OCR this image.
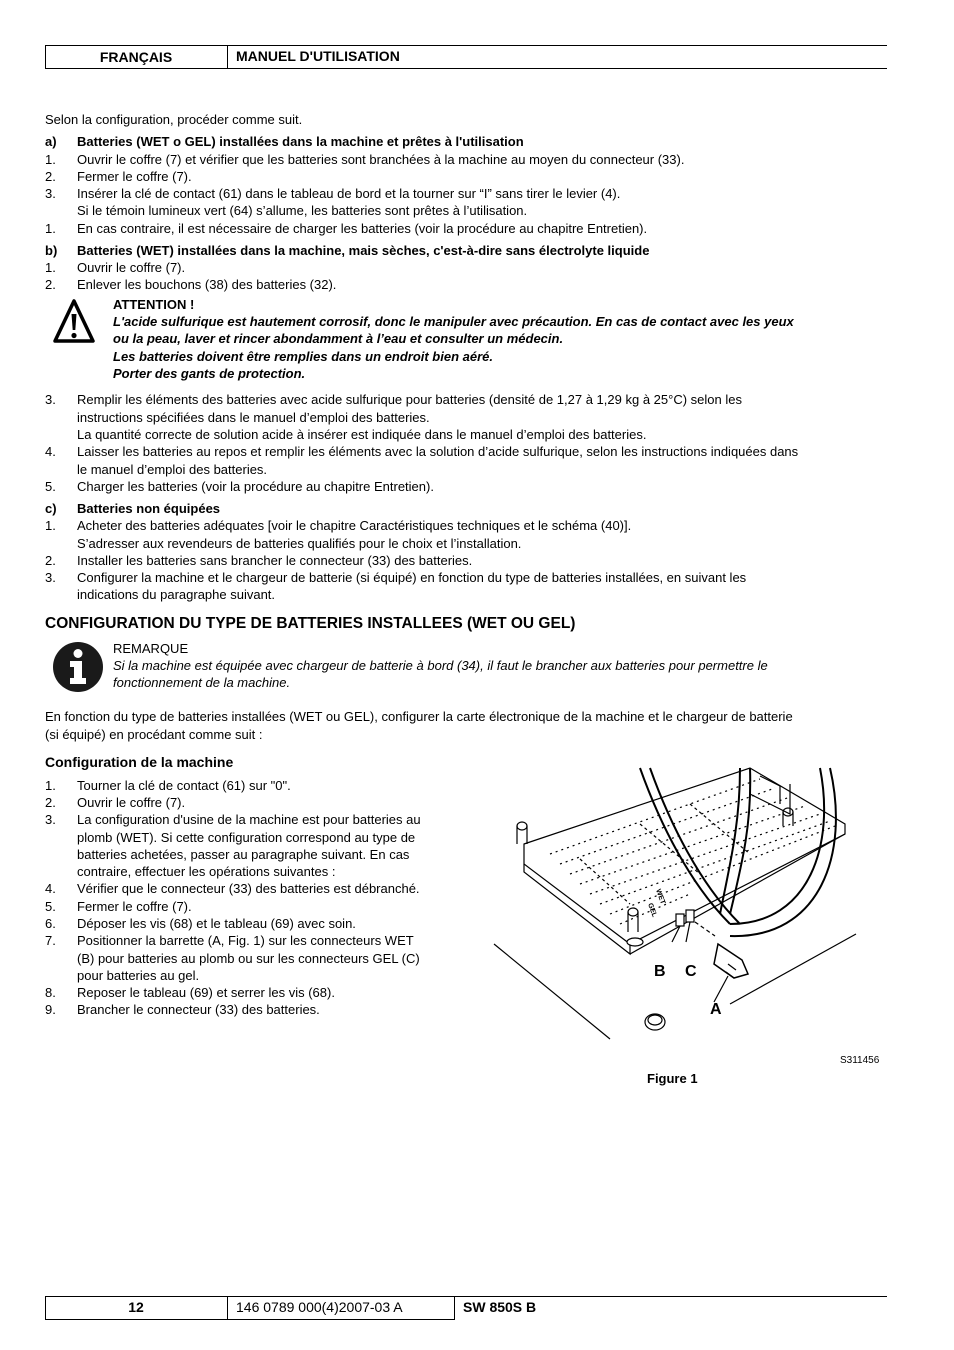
FRANÇAIS	MANUEL D'UTILISATION
Selon la configuration, procéder comme suit.
a)	Batteries (WET o GEL) installées dans la machine et prêtes à l'utilisation
1.	Ouvrir le coffre (7) et vérifier que les batteries sont branchées à la machine au moyen du connecteur (33).
2.	Fermer le coffre (7).
3.	Insérer la clé de contact (61) dans le tableau de bord et la tourner sur “I” sans tirer le levier (4).
Si le témoin lumineux vert (64) s’allume, les batteries sont prêtes à l’utilisation.
1.	En cas contraire, il est nécessaire de charger les batteries (voir la procédure au chapitre Entretien).
b)	Batteries (WET) installées dans la machine, mais sèches, c'est-à-dire sans électrolyte liquide
1.	Ouvrir le coffre (7).
2.	Enlever les bouchons (38) des batteries (32).
ATTENTION !
L'acide sulfurique est hautement corrosif, donc le manipuler avec précaution. En cas de contact avec les yeux
ou la peau, laver et rincer abondamment à l’eau et consulter un médecin.
Les batteries doivent être remplies dans un endroit bien aéré.
Porter des gants de protection.
3.	Remplir les éléments des batteries avec acide sulfurique pour batteries (densité de 1,27 à 1,29 kg à 25°C) selon les
instructions spécifiées dans le manuel d’emploi des batteries.
La quantité correcte de solution acide à insérer est indiquée dans le manuel d’emploi des batteries.
4.	Laisser les batteries au repos et remplir les éléments avec la solution d’acide sulfurique, selon les instructions indiquées dans
le manuel d’emploi des batteries.
5.	Charger les batteries (voir la procédure au chapitre Entretien).
c)	Batteries non équipées
1.	Acheter des batteries adéquates [voir le chapitre Caractéristiques techniques et le schéma (40)].
S’adresser aux revendeurs de batteries qualifiés pour le choix et l’installation.
2.	Installer les batteries sans brancher le connecteur (33) des batteries.
3.	Configurer la machine et le chargeur de batterie (si équipé) en fonction du type de batteries installées, en suivant les
indications du paragraphe suivant.
CONFIGURATION DU TYPE DE BATTERIES INSTALLEES (WET OU GEL)
REMARQUE
Si la machine est équipée avec chargeur de batterie à bord (34), il faut le brancher aux batteries pour permettre le
fonctionnement de la machine.
En fonction du type de batteries installées (WET ou GEL), configurer la carte électronique de la machine et le chargeur de batterie
(si équipé) en procédant comme suit :
Configuration de la machine
1.	Tourner la clé de contact (61) sur "0".
2.	Ouvrir le coffre (7).
3.	La configuration d'usine de la machine est pour batteries au
plomb (WET). Si cette configuration correspond au type de
batteries achetées, passer au paragraphe suivant. En cas
contraire, effectuer les opérations suivantes :
4.	Vérifier que le connecteur (33) des batteries est débranché.
5.	Fermer le coffre (7).
6.	Déposer les vis (68) et le tableau (69) avec soin.
7.	Positionner la barrette (A, Fig. 1) sur les connecteurs WET
(B) pour batteries au plomb ou sur les connecteurs GEL (C)
pour batteries au gel.
8.	Reposer le tableau (69) et serrer les vis (68).
9.	Brancher le connecteur (33) des batteries.
GEL
WET
B C
A
S311456
Figure 1
12	146 0789 000(4)2007-03 A	SW 850S B
